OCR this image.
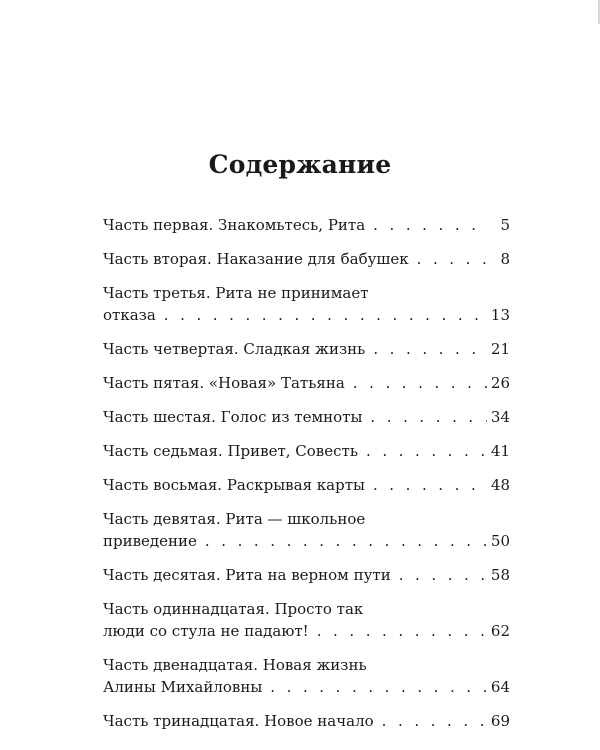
Содержание
Часть первая. Знакомьтесь, Рита . . .	5
Часть вторая. Наказание для бабушек . . .	8
Часть третья. Рита не принимает
отказа . . .	13
Часть четвертая. Сладкая жизнь . . .	21
Часть пятая. «Новая» Татьяна . . .	26
Часть шестая. Голос из темноты . . .	34
Часть седьмая. Привет, Совесть . . .	41
Часть восьмая. Раскрывая карты . . .	48
Часть девятая. Рита — школьное
приведение . . .	50
Часть десятая. Рита на верном пути . . .	58
Часть одиннадцатая. Просто так
люди со стула не падают! . . .	62
Часть двенадцатая. Новая жизнь
Алины Михайловны . . .	64
Часть тринадцатая. Новое начало . . .	69
